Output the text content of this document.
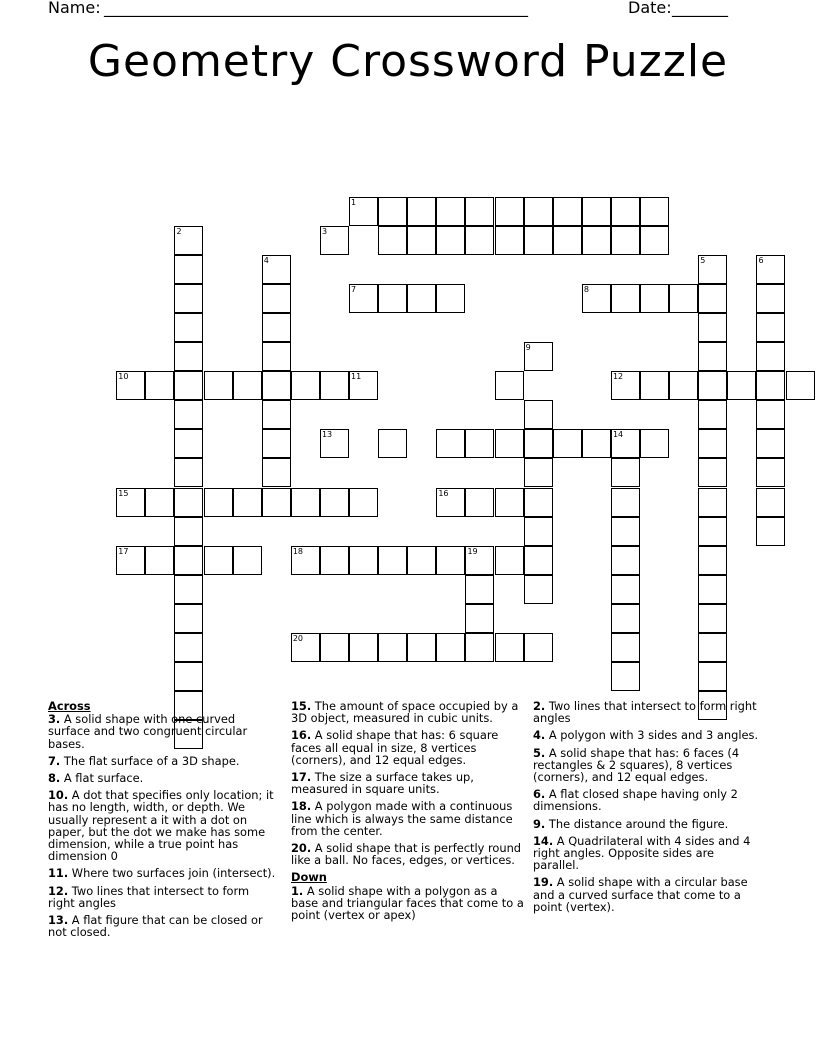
Name: _____________________________________________________	Date: _______
Geometry Crossword Puzzle
1
2
4
3
7	8
5	6
9
10	11	12
13	14
15	16
17	18	19
20
Across
3. A solid shape with one curved surface and two congruent circular bases.
7. The flat surface of a 3D shape.
8. A flat surface.
10. A dot that specifies only location; it has no length, width, or depth. We usually represent a it with a dot on paper, but the dot we make has some dimension, while a true point has dimension 0
11. Where two surfaces join (intersect).
12. Two lines that intersect to form right angles
13. A flat figure that can be closed or not closed.
15. The amount of space occupied by a 3D object, measured in cubic units.
16. A solid shape that has: 6 square faces all equal in size, 8 vertices (corners), and 12 equal edges.
17. The size a surface takes up, measured in square units.
18. A polygon made with a continuous line which is always the same distance from the center.
20. A solid shape that is perfectly round like a ball. No faces, edges, or vertices.
Down
1. A solid shape with a polygon as a base and triangular faces that come to a point (vertex or apex)
2. Two lines that intersect to form right angles
4. A polygon with 3 sides and 3 angles.
5. A solid shape that has: 6 faces (4 rectangles & 2 squares), 8 vertices (corners), and 12 equal edges.
6. A flat closed shape having only 2 dimensions.
9. The distance around the figure.
14. A Quadrilateral with 4 sides and 4 right angles. Opposite sides are parallel.
19. A solid shape with a circular base and a curved surface that come to a point (vertex).
